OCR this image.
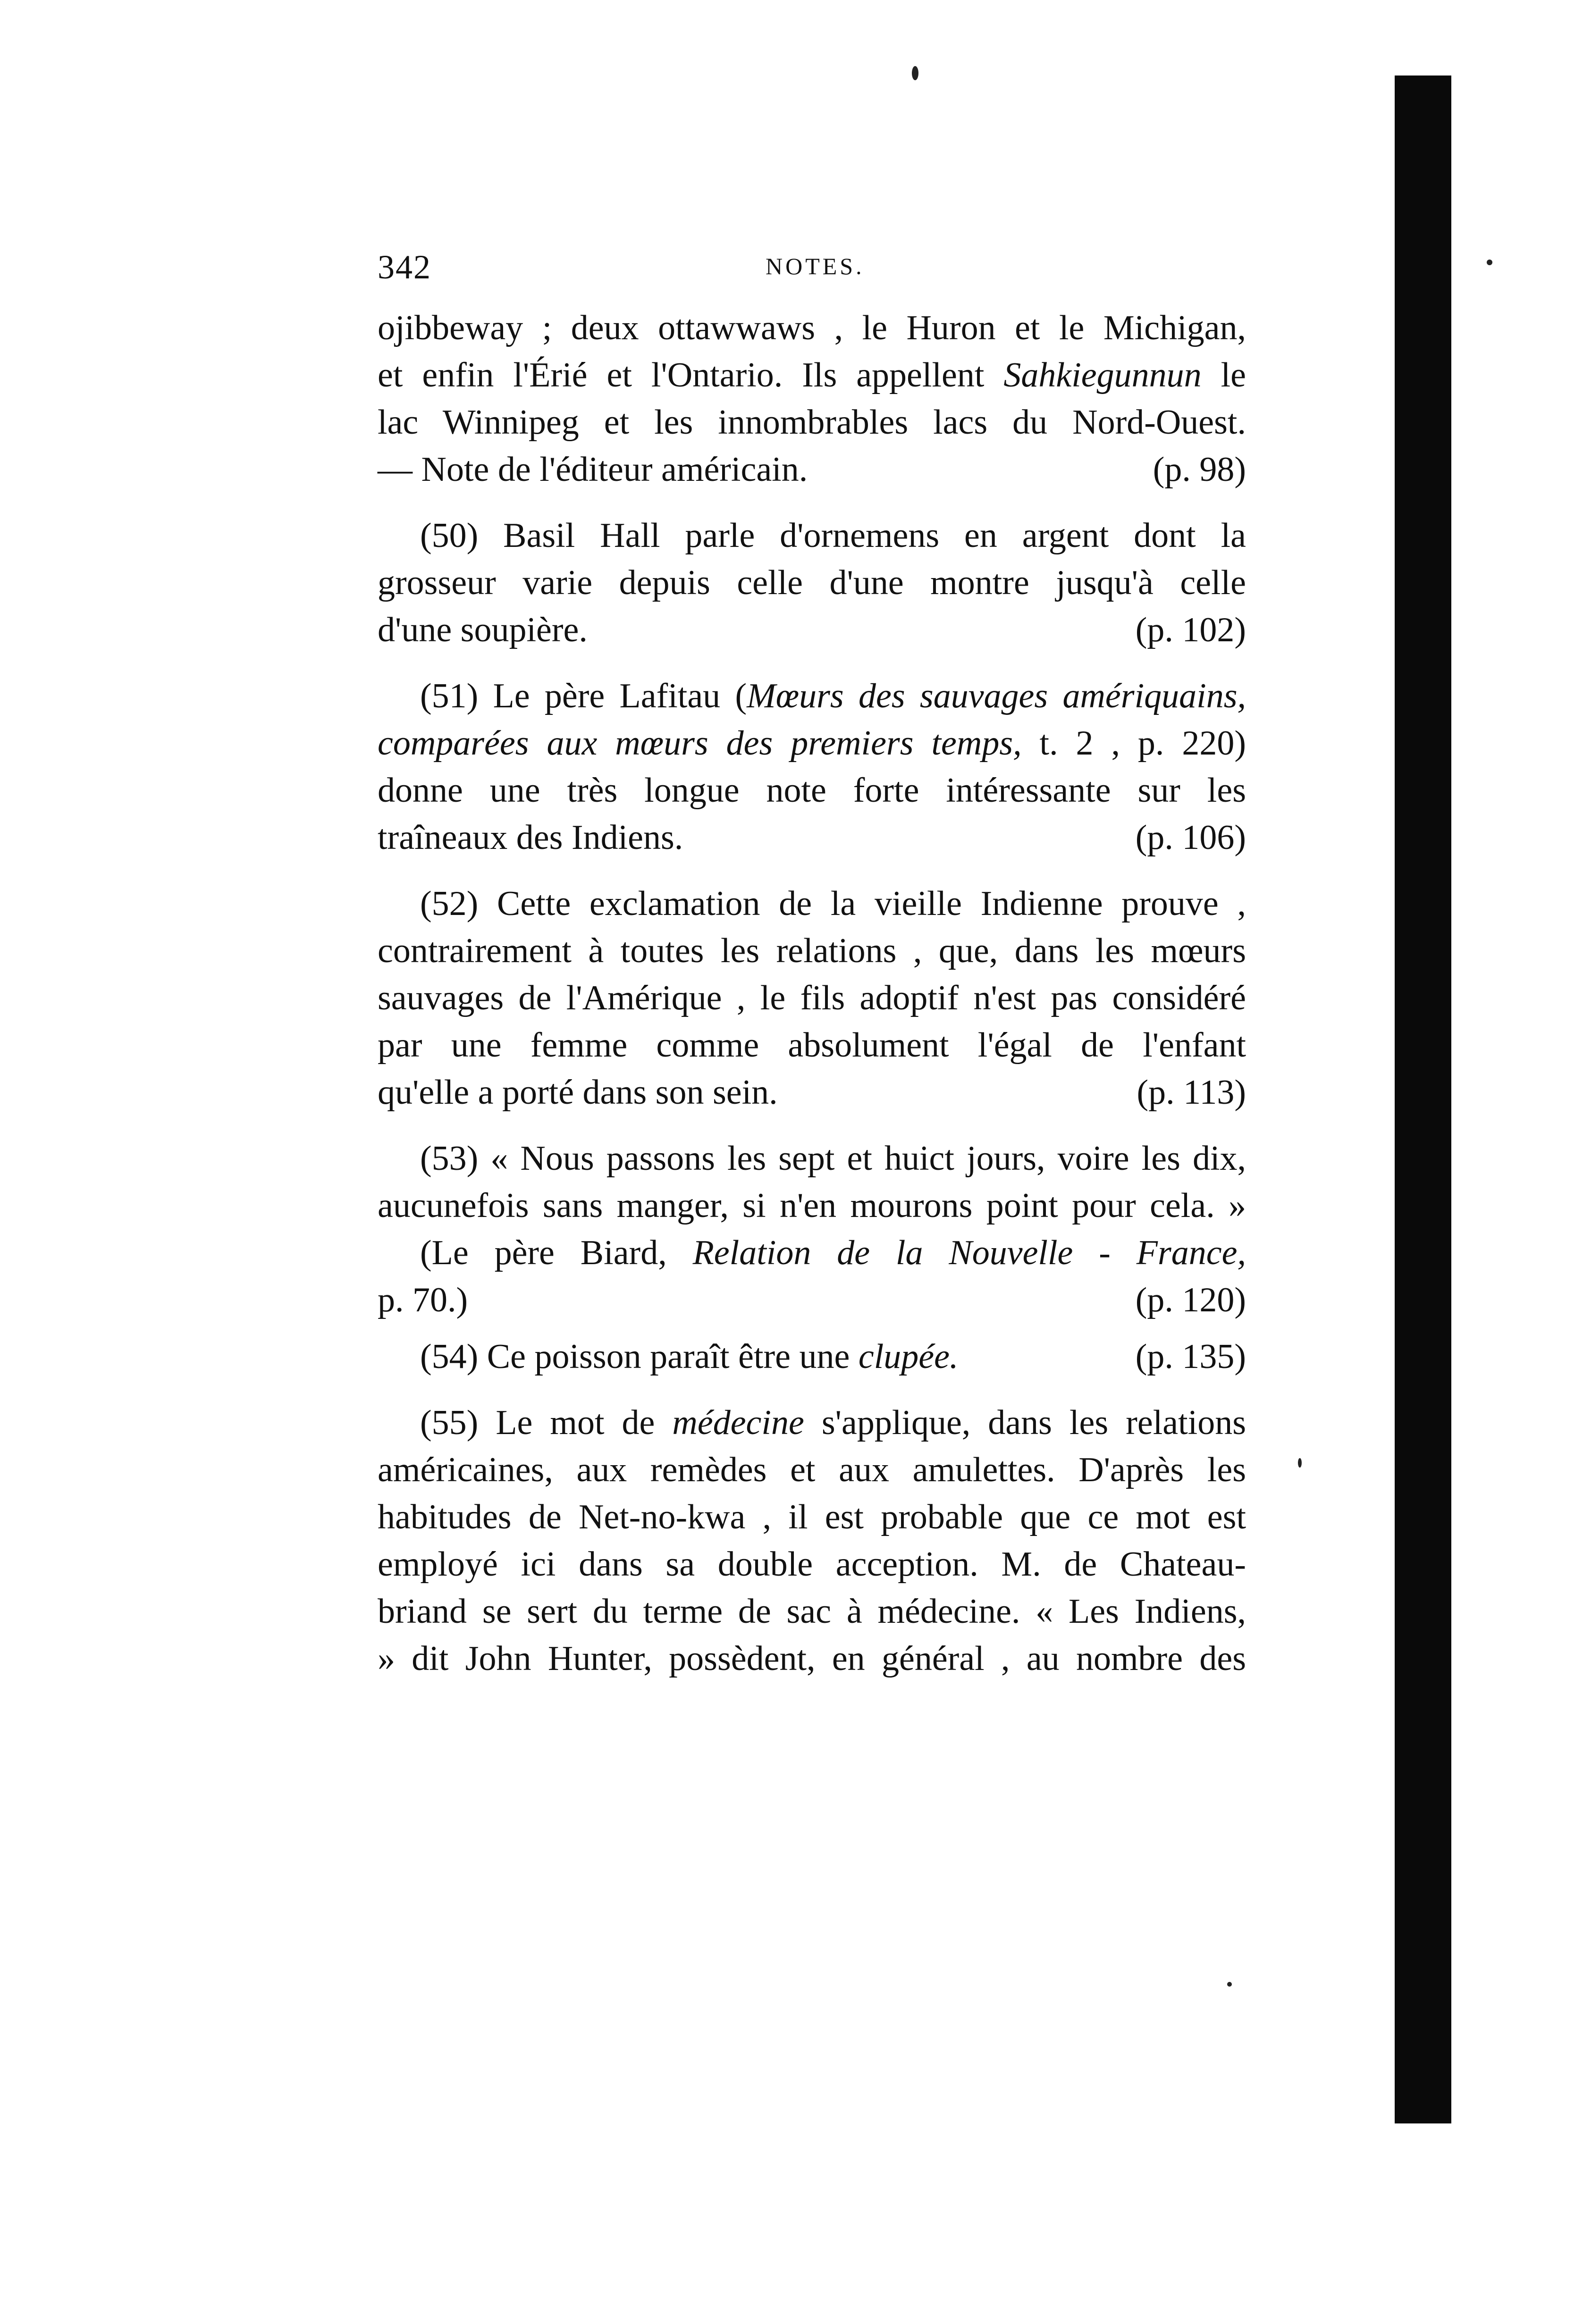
342	NOTES.
ojibbeway ; deux ottawwaws , le Huron et le Michigan,
et enfin l'Érié et l'Ontario. Ils appellent Sahkiegunnun le
lac Winnipeg et les innombrables lacs du Nord-Ouest.
— Note de l'éditeur américain.	(p. 98)
(50) Basil Hall parle d'ornemens en argent dont la
grosseur varie depuis celle d'une montre jusqu'à celle
d'une soupière.	(p. 102)
(51) Le père Lafitau (Mœurs des sauvages amériquains,
comparées aux mœurs des premiers temps, t. 2 , p. 220)
donne une très longue note forte intéressante sur les
traîneaux des Indiens.	(p. 106)
(52) Cette exclamation de la vieille Indienne prouve ,
contrairement à toutes les relations , que, dans les mœurs
sauvages de l'Amérique , le fils adoptif n'est pas considéré
par une femme comme absolument l'égal de l'enfant
qu'elle a porté dans son sein.	(p. 113)
(53) « Nous passons les sept et huict jours, voire les dix,
aucunefois sans manger, si n'en mourons point pour cela. »
(Le père Biard, Relation de la Nouvelle - France,
p. 70.)	(p. 120)
(54) Ce poisson paraît être une clupée.	(p. 135)
(55) Le mot de médecine s'applique, dans les relations
américaines, aux remèdes et aux amulettes. D'après les
habitudes de Net-no-kwa , il est probable que ce mot est
employé ici dans sa double acception. M. de Chateau-
briand se sert du terme de sac à médecine. « Les Indiens,
» dit John Hunter, possèdent, en général , au nombre des
